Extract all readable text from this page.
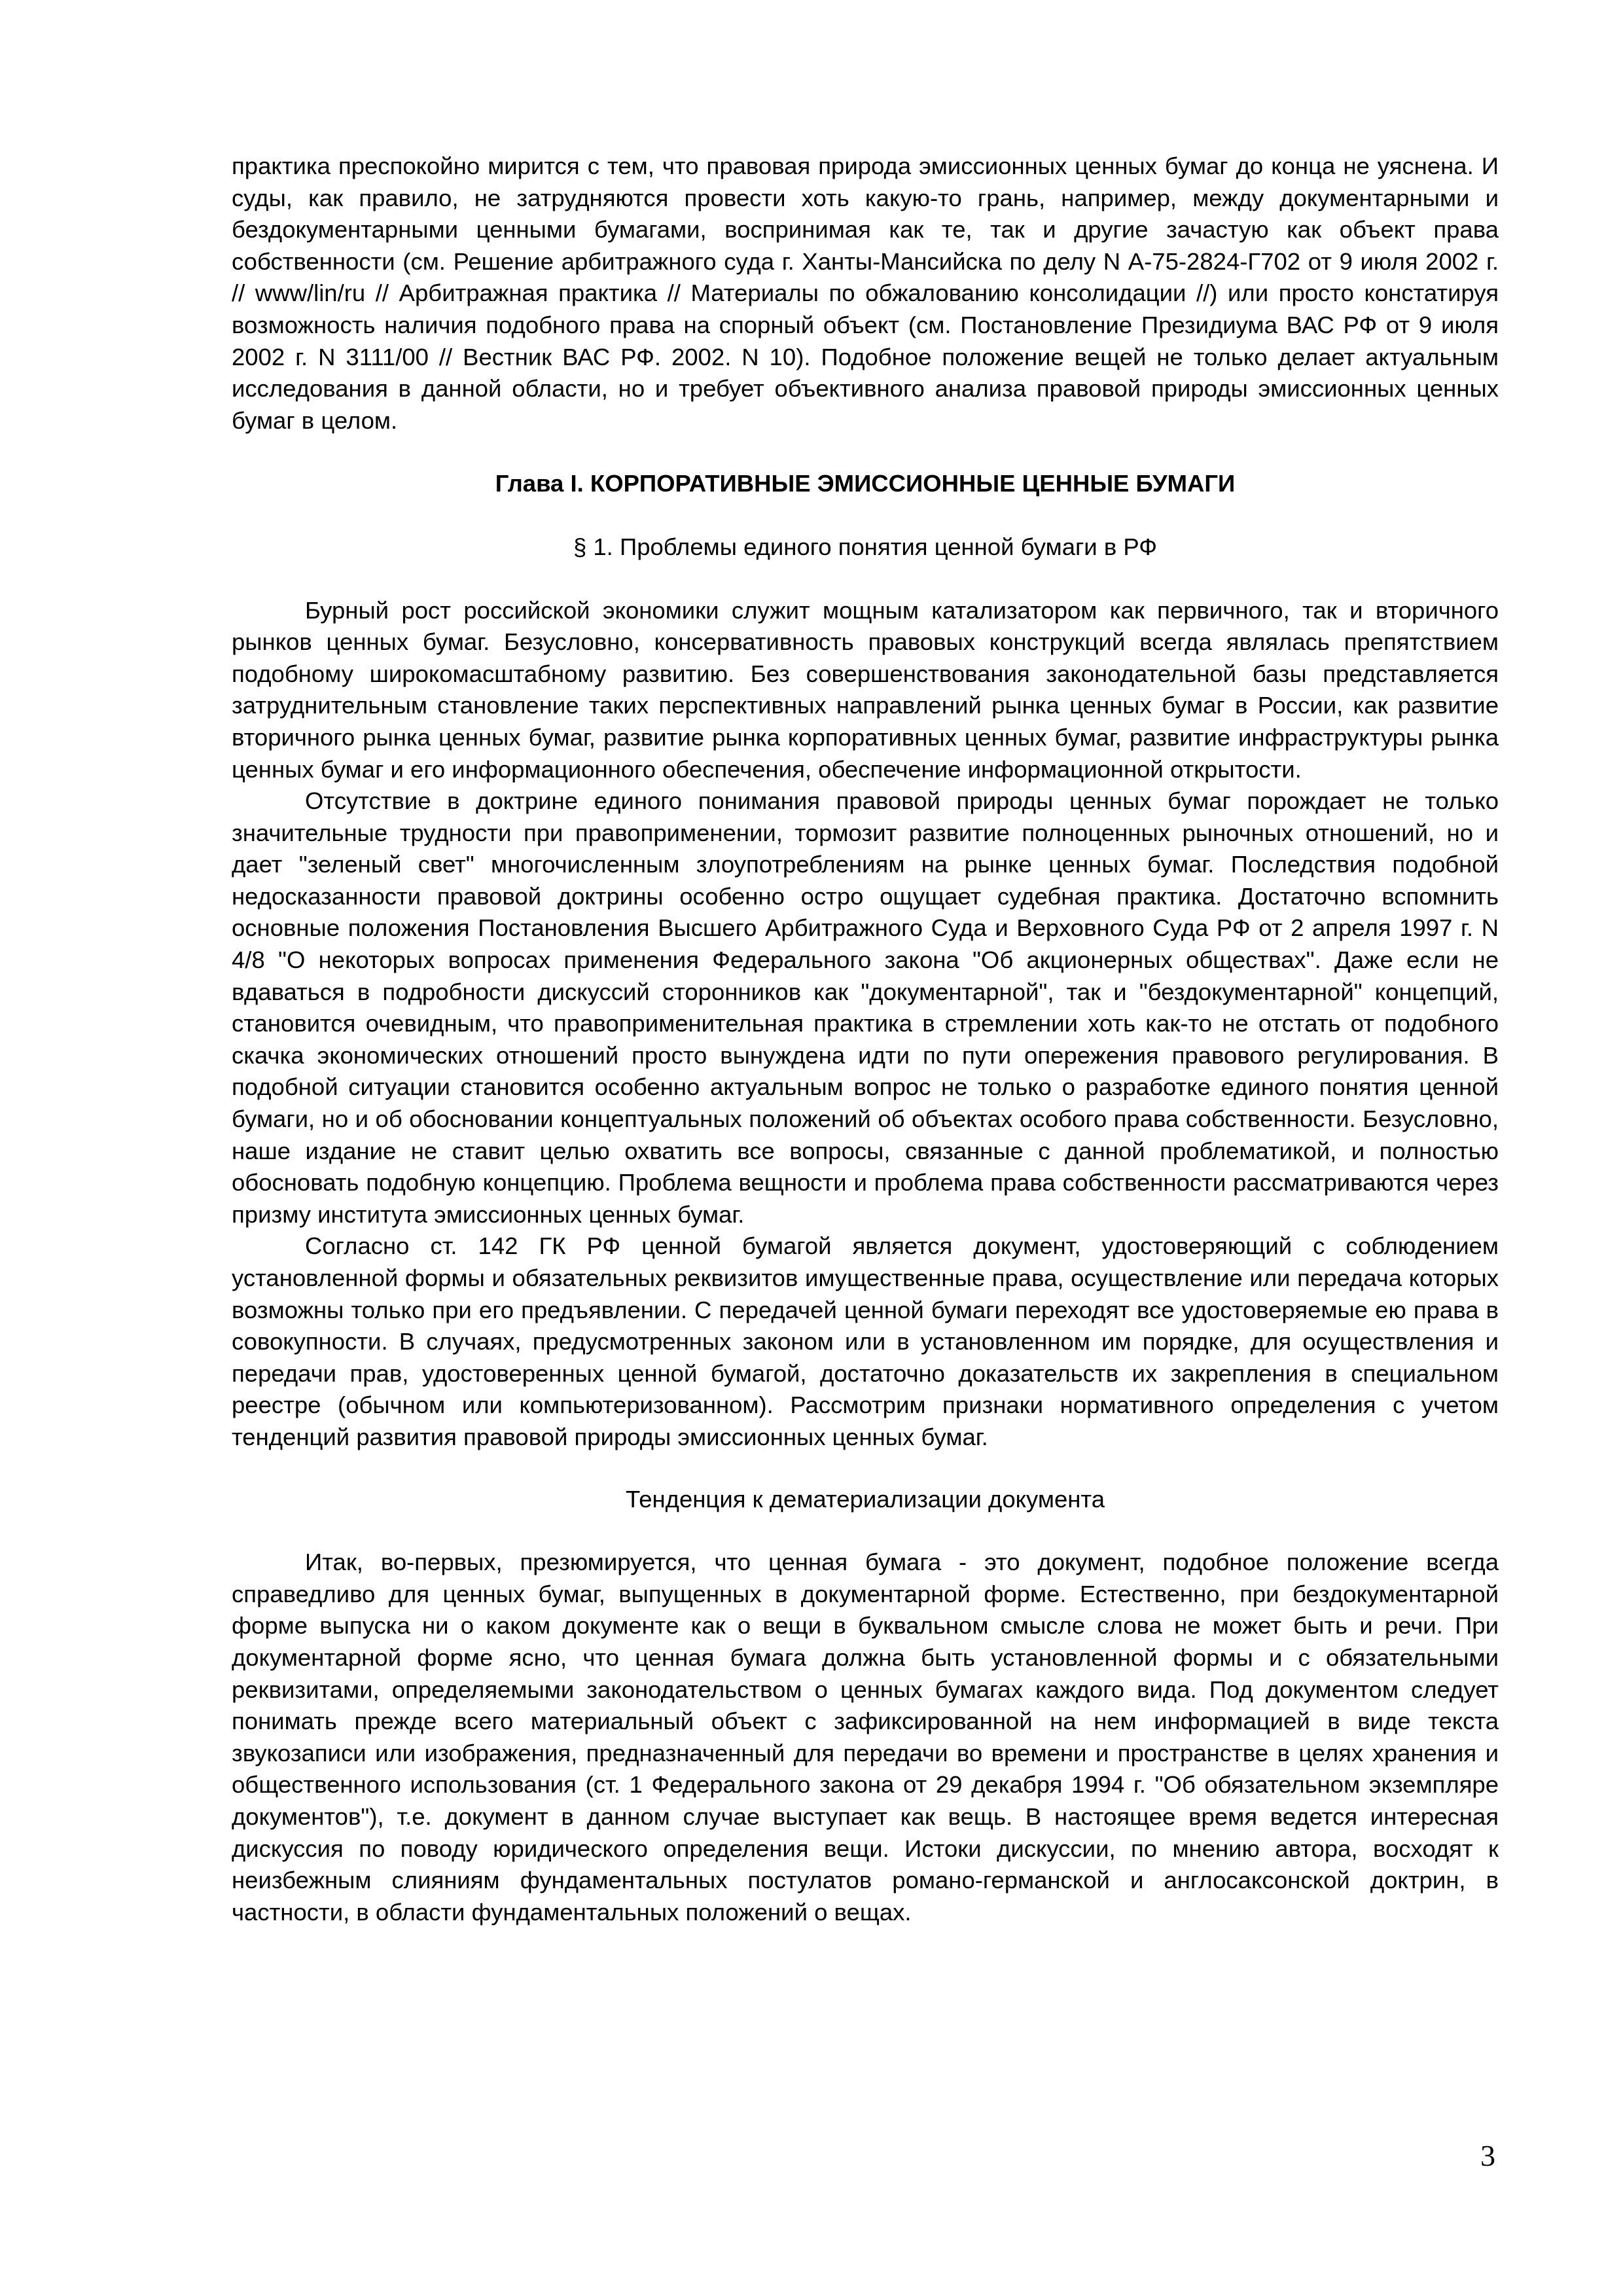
практика преспокойно мирится с тем, что правовая природа эмиссионных ценных бумаг до конца не уяснена. И суды, как правило, не затрудняются провести хоть какую-то грань, например, между документарными и бездокументарными ценными бумагами, воспринимая как те, так и другие зачастую как объект права собственности (см. Решение арбитражного суда г. Ханты-Мансийска по делу N А-75-2824-Г702 от 9 июля 2002 г. // www/lin/ru // Арбитражная практика // Материалы по обжалованию консолидации //) или просто констатируя возможность наличия подобного права на спорный объект (см. Постановление Президиума ВАС РФ от 9 июля 2002 г. N 3111/00 // Вестник ВАС РФ. 2002. N 10). Подобное положение вещей не только делает актуальным исследования в данной области, но и требует объективного анализа правовой природы эмиссионных ценных бумаг в целом.

Глава I. КОРПОРАТИВНЫЕ ЭМИССИОННЫЕ ЦЕННЫЕ БУМАГИ
§ 1. Проблемы единого понятия ценной бумаги в РФ

Бурный рост российской экономики служит мощным катализатором как первичного, так и вторичного рынков ценных бумаг. Безусловно, консервативность правовых конструкций всегда являлась препятствием подобному широкомасштабному развитию. Без совершенствования законодательной базы представляется затруднительным становление таких перспективных направлений рынка ценных бумаг в России, как развитие вторичного рынка ценных бумаг, развитие рынка корпоративных ценных бумаг, развитие инфраструктуры рынка ценных бумаг и его информационного обеспечения, обеспечение информационной открытости.

Отсутствие в доктрине единого понимания правовой природы ценных бумаг порождает не только значительные трудности при правоприменении, тормозит развитие полноценных рыночных отношений, но и дает "зеленый свет" многочисленным злоупотреблениям на рынке ценных бумаг. Последствия подобной недосказанности правовой доктрины особенно остро ощущает судебная практика. Достаточно вспомнить основные положения Постановления Высшего Арбитражного Суда и Верховного Суда РФ от 2 апреля 1997 г. N 4/8 "О некоторых вопросах применения Федерального закона "Об акционерных обществах". Даже если не вдаваться в подробности дискуссий сторонников как "документарной", так и "бездокументарной" концепций, становится очевидным, что правоприменительная практика в стремлении хоть как-то не отстать от подобного скачка экономических отношений просто вынуждена идти по пути опережения правового регулирования. В подобной ситуации становится особенно актуальным вопрос не только о разработке единого понятия ценной бумаги, но и об обосновании концептуальных положений об объектах особого права собственности. Безусловно, наше издание не ставит целью охватить все вопросы, связанные с данной проблематикой, и полностью обосновать подобную концепцию. Проблема вещности и проблема права собственности рассматриваются через призму института эмиссионных ценных бумаг.

Согласно ст. 142 ГК РФ ценной бумагой является документ, удостоверяющий с соблюдением установленной формы и обязательных реквизитов имущественные права, осуществление или передача которых возможны только при его предъявлении. С передачей ценной бумаги переходят все удостоверяемые ею права в совокупности. В случаях, предусмотренных законом или в установленном им порядке, для осуществления и передачи прав, удостоверенных ценной бумагой, достаточно доказательств их закрепления в специальном реестре (обычном или компьютеризованном). Рассмотрим признаки нормативного определения с учетом тенденций развития правовой природы эмиссионных ценных бумаг.

Тенденция к дематериализации документа

Итак, во-первых, презюмируется, что ценная бумага - это документ, подобное положение всегда справедливо для ценных бумаг, выпущенных в документарной форме. Естественно, при бездокументарной форме выпуска ни о каком документе как о вещи в буквальном смысле слова не может быть и речи. При документарной форме ясно, что ценная бумага должна быть установленной формы и с обязательными реквизитами, определяемыми законодательством о ценных бумагах каждого вида. Под документом следует понимать прежде всего материальный объект с зафиксированной на нем информацией в виде текста звукозаписи или изображения, предназначенный для передачи во времени и пространстве в целях хранения и общественного использования (ст. 1 Федерального закона от 29 декабря 1994 г. "Об обязательном экземпляре документов"), т.е. документ в данном случае выступает как вещь. В настоящее время ведется интересная дискуссия по поводу юридического определения вещи. Истоки дискуссии, по мнению автора, восходят к неизбежным слияниям фундаментальных постулатов романо-германской и англосаксонской доктрин, в частности, в области фундаментальных положений о вещах.

3
